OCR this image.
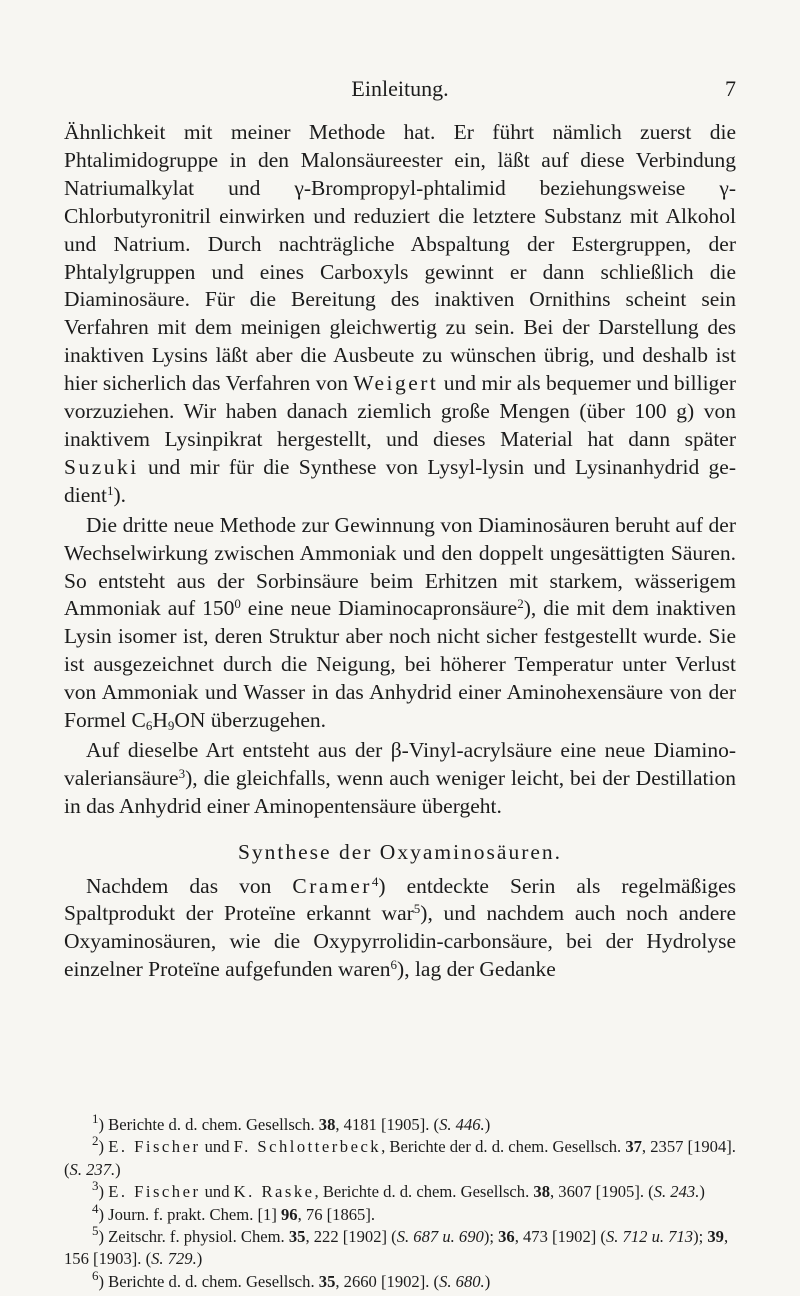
Einleitung.	7

Ähnlichkeit mit meiner Methode hat. Er führt nämlich zuerst die Phtalimidogruppe in den Malonsäureester ein, läßt auf diese Verbindung Natriumalkylat und γ-Brompropyl-phtalimid beziehungsweise γ-Chlorbutyronitril einwirken und reduziert die letztere Substanz mit Alkohol und Natrium. Durch nachträgliche Abspaltung der Estergruppen, der Phtalylgruppen und eines Carboxyls gewinnt er dann schließlich die Diaminosäure. Für die Bereitung des inaktiven Ornithins scheint sein Verfahren mit dem meinigen gleichwertig zu sein. Bei der Darstellung des inaktiven Lysins läßt aber die Ausbeute zu wünschen übrig, und deshalb ist hier sicherlich das Verfahren von Weigert und mir als bequemer und billiger vorzuziehen. Wir haben danach ziemlich große Mengen (über 100 g) von inaktivem Lysinpikrat hergestellt, und dieses Material hat dann später Suzuki und mir für die Synthese von Lysyl-lysin und Lysinanhydrid gedient$^1$).

Die dritte neue Methode zur Gewinnung von Diaminosäuren beruht auf der Wechselwirkung zwischen Ammoniak und den doppelt ungesättigten Säuren. So entsteht aus der Sorbinsäure beim Erhitzen mit starkem, wässerigem Ammoniak auf $150^0$ eine neue Diaminocapronsäure$^2$), die mit dem inaktiven Lysin isomer ist, deren Struktur aber noch nicht sicher festgestellt wurde. Sie ist ausgezeichnet durch die Neigung, bei höherer Temperatur unter Verlust von Ammoniak und Wasser in das Anhydrid einer Aminohexensäure von der Formel $C_6H_9ON$ überzugehen.

Auf dieselbe Art entsteht aus der β-Vinyl-acrylsäure eine neue Diamino-valeriansäure$^3$), die gleichfalls, wenn auch weniger leicht, bei der Destillation in das Anhydrid einer Aminopentensäure übergeht.

Synthese der Oxyaminosäuren.

Nachdem das von Cramer$^4$) entdeckte Serin als regelmäßiges Spaltprodukt der Proteïne erkannt war$^5$), und nachdem auch noch andere Oxyaminosäuren, wie die Oxypyrrolidin-carbonsäure, bei der Hydrolyse einzelner Proteïne aufgefunden waren$^6$), lag der Gedanke

$^1$) Berichte d. d. chem. Gesellsch. 38, 4181 [1905]. (S. 446.)

$^2$) E. Fischer und F. Schlotterbeck, Berichte der d. d. chem. Gesellsch. 37, 2357 [1904]. (S. 237.)

$^3$) E. Fischer und K. Raske, Berichte d. d. chem. Gesellsch. 38, 3607 [1905]. (S. 243.)

$^4$) Journ. f. prakt. Chem. [1] 96, 76 [1865].

$^5$) Zeitschr. f. physiol. Chem. 35, 222 [1902] (S. 687 u. 690); 36, 473 [1902] (S. 712 u. 713); 39, 156 [1903]. (S. 729.)

$^6$) Berichte d. d. chem. Gesellsch. 35, 2660 [1902]. (S. 680.)
